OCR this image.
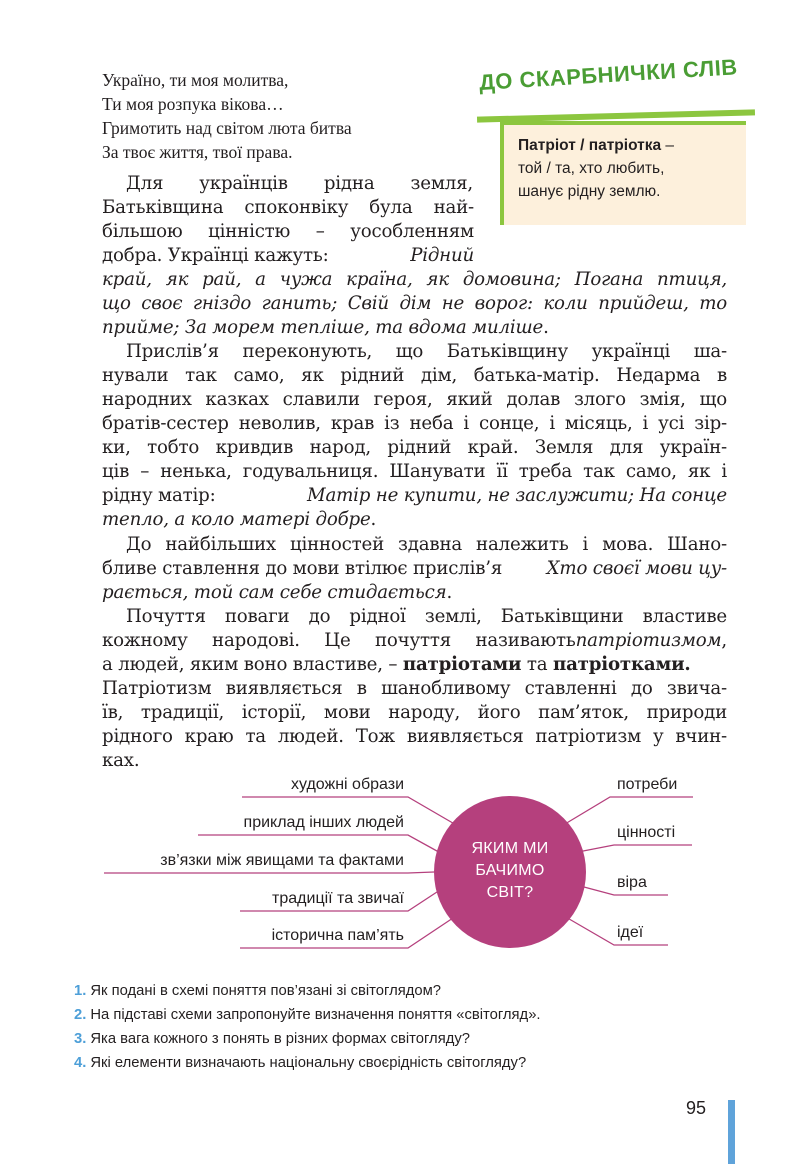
Україно, ти моя молитва,
Ти моя розпука вікова…
Гримотить над світом люта битва
За твоє життя, твої права.
ДО СКАРБНИЧКИ СЛІВ
Патріот / патріотка –
той / та, хто любить,
шанує рідну землю.
Для українців рідна земля,
Батьківщина споконвіку була най-
більшою цінністю – уособленням
добра. Українці кажуть:	Рідний
край, як рай, а чужа країна, як домовина; Погана птиця,
що своє гніздо ганить; Свій дім не ворог: коли прийдеш, то
прийме; За морем тепліше, та вдома миліше.
Прислів’я переконують, що Батьківщину українці ша-
нували так само, як рідний дім, батька-матір. Недарма в
народних казках славили героя, який долав злого змія, що
братів-сестер неволив, крав із неба і сонце, і місяць, і усі зір-
ки, тобто кривдив народ, рідний край. Земля для україн-
ців – ненька, годувальниця. Шанувати її треба так само, як і
рідну матір:	Матір не купити, не заслужити; На сонце
тепло, а коло матері добре.
До найбільших цінностей здавна належить і мова. Шано-
бливе ставлення до мови втілює прислів’я Хто своєї мови цу-
рається, той сам себе стидається.
Почуття поваги до рідної землі, Батьківщини властиве
кожному народові. Це почуття називають патріотизмом ,
а людей, яким воно властиве, – патріотами та патріотками.
Патріотизм виявляється в шанобливому ставленні до звича-
їв, традиції, історії, мови народу, його пам’яток, природи
рідного краю та людей. Тож виявляється патріотизм у вчин-
ках.
ЯКИМ МИ
БАЧИМО
СВІТ?
художні образи
приклад інших людей
зв’язки між явищами та фактами
традиції та звичаї
історична пам’ять
потреби
цінності
віра
ідеї
1. Як подані в схемі поняття пов’язані зі світоглядом?
2. На підставі схеми запропонуйте визначення поняття «світогляд».
3. Яка вага кожного з понять в різних формах світогляду?
4. Які елементи визначають національну своєрідність світогляду?
95
